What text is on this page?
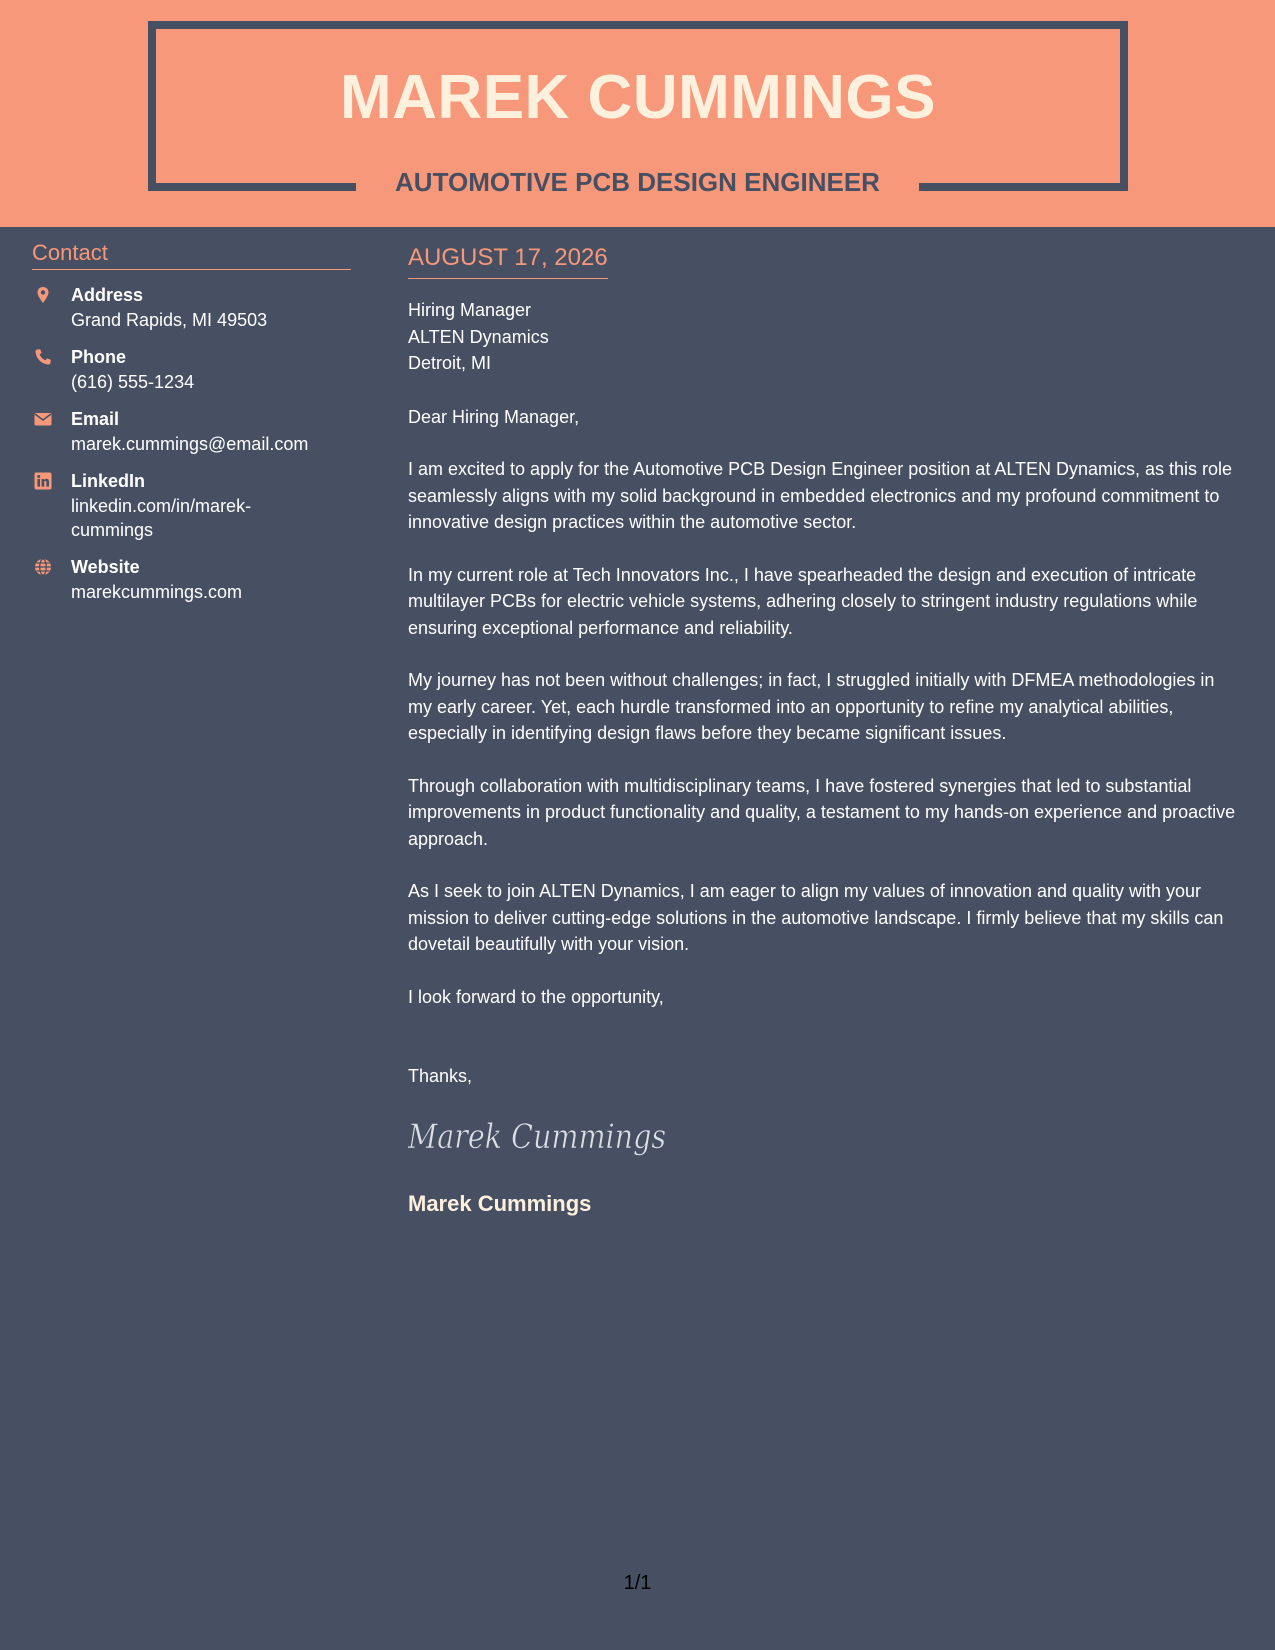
MAREK CUMMINGS
AUTOMOTIVE PCB DESIGN ENGINEER
Contact
Address
Grand Rapids, MI 49503
Phone
(616) 555-1234
Email
marek.cummings@email.com
LinkedIn
linkedin.com/in/marek-cummings
Website
marekcummings.com
AUGUST 17, 2026
Hiring Manager
ALTEN Dynamics
Detroit, MI
Dear Hiring Manager,

I am excited to apply for the Automotive PCB Design Engineer position at ALTEN Dynamics, as this role seamlessly aligns with my solid background in embedded electronics and my profound commitment to innovative design practices within the automotive sector.

In my current role at Tech Innovators Inc., I have spearheaded the design and execution of intricate multilayer PCBs for electric vehicle systems, adhering closely to stringent industry regulations while ensuring exceptional performance and reliability.

My journey has not been without challenges; in fact, I struggled initially with DFMEA methodologies in my early career. Yet, each hurdle transformed into an opportunity to refine my analytical abilities, especially in identifying design flaws before they became significant issues.

Through collaboration with multidisciplinary teams, I have fostered synergies that led to substantial improvements in product functionality and quality, a testament to my hands-on experience and proactive approach.

As I seek to join ALTEN Dynamics, I am eager to align my values of innovation and quality with your mission to deliver cutting-edge solutions in the automotive landscape. I firmly believe that my skills can dovetail beautifully with your vision.

I look forward to the opportunity,
Thanks,
Marek Cummings
Marek Cummings
1/1
